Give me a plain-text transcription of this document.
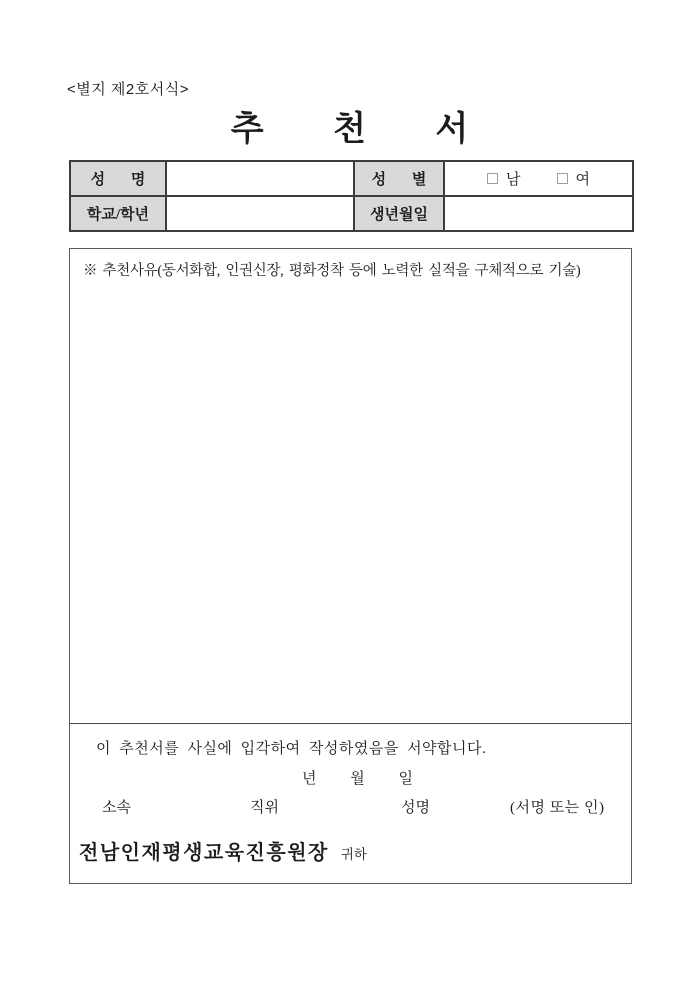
<별지 제2호서식>
추 천 서
성 명		성 별	남 여

학교/학년		생년월일	
※ 추천사유(동서화합, 인권신장, 평화정착 등에 노력한 실적을 구체적으로 기술)
이 추천서를 사실에 입각하여 작성하였음을 서약합니다.
년 월 일
소속	직위	성명	(서명 또는 인)
전남인재평생교육진흥원장 귀하
